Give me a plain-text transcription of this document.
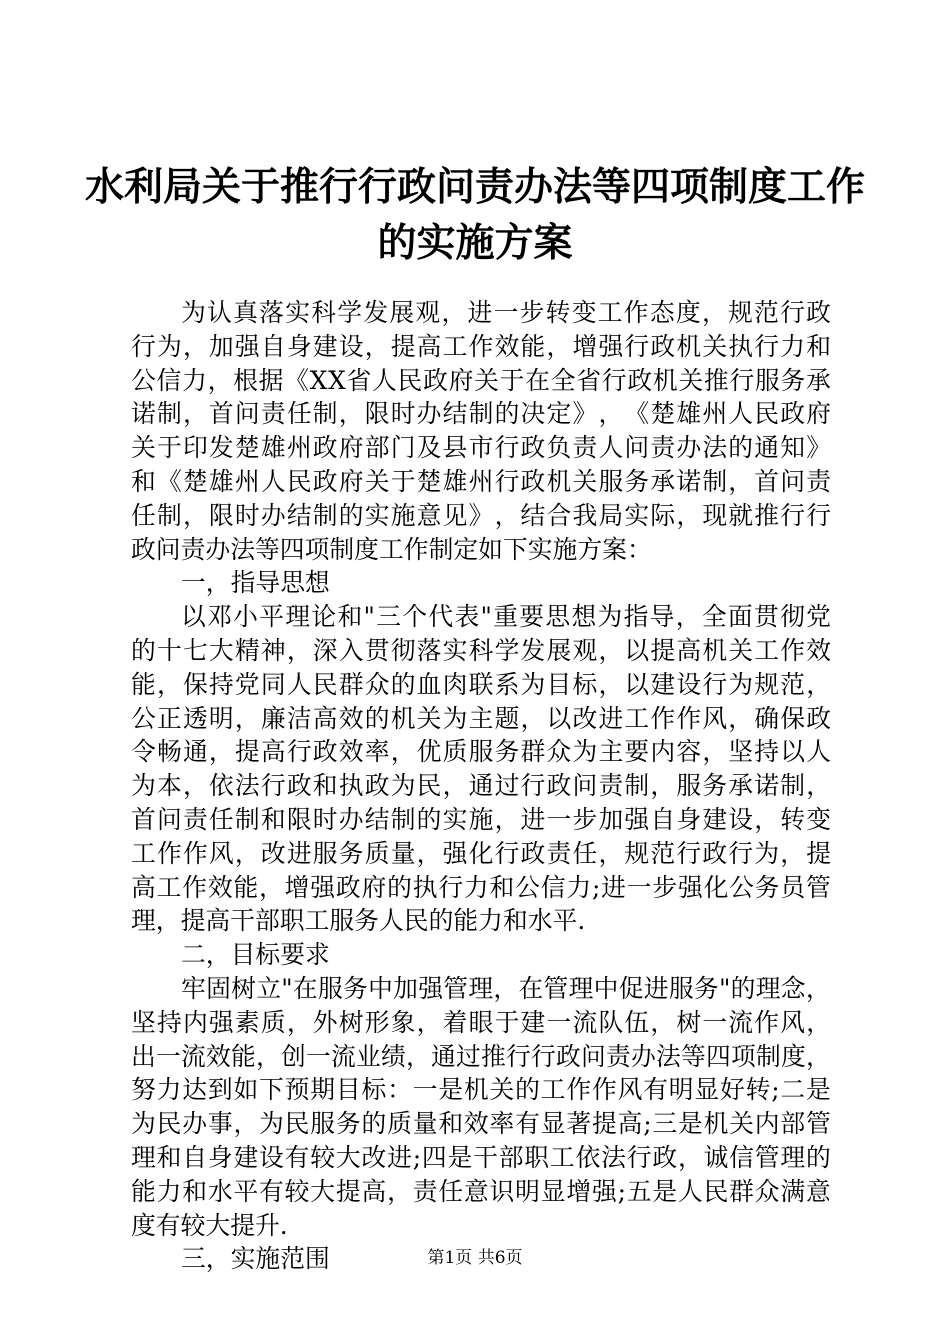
水利局关于推行行政问责办法等四项制度工作
的实施方案
为 认 真 落 实 科 学 发 展 观 ， 进 一 步 转 变 工 作 态 度 ， 规 范 行 政
行 为 ， 加 强 自 身 建 设 ， 提 高 工 作 效 能 ， 增 强 行 政 机 关 执 行 力 和
公 信 力 ， 根 据 《 X X 省 人 民 政 府 关 于 在 全 省 行 政 机 关 推 行 服 务 承
诺 制 ， 首 问 责 任 制 ， 限 时 办 结 制 的 决 定 》 ， 《 楚 雄 州 人 民 政 府
关 于 印 发 楚 雄 州 政 府 部 门 及 县 市 行 政 负 责 人 问 责 办 法 的 通 知 》
和 《 楚 雄 州 人 民 政 府 关 于 楚 雄 州 行 政 机 关 服 务 承 诺 制 ， 首 问 责
任 制 ， 限 时 办 结 制 的 实 施 意 见 》 ， 结 合 我 局 实 际 ， 现 就 推 行 行
政问责办法等四项制度工作制定如下实施方案：
一，指导思想
以 邓 小 平 理 论 和 " 三 个 代 表 " 重 要 思 想 为 指 导 ， 全 面 贯 彻 党
的 十 七 大 精 神 ， 深 入 贯 彻 落 实 科 学 发 展 观 ， 以 提 高 机 关 工 作 效
能 ， 保 持 党 同 人 民 群 众 的 血 肉 联 系 为 目 标 ， 以 建 设 行 为 规 范 ，
公 正 透 明 ， 廉 洁 高 效 的 机 关 为 主 题 ， 以 改 进 工 作 作 风 ， 确 保 政
令 畅 通 ， 提 高 行 政 效 率 ， 优 质 服 务 群 众 为 主 要 内 容 ， 坚 持 以 人
为 本 ， 依 法 行 政 和 执 政 为 民 ， 通 过 行 政 问 责 制 ， 服 务 承 诺 制 ，
首 问 责 任 制 和 限 时 办 结 制 的 实 施 ， 进 一 步 加 强 自 身 建 设 ， 转 变
工 作 作 风 ， 改 进 服 务 质 量 ， 强 化 行 政 责 任 ， 规 范 行 政 行 为 ， 提
高 工 作 效 能 ， 增 强 政 府 的 执 行 力 和 公 信 力 ; 进 一 步 强 化 公 务 员 管
理，提高干部职工服务人民的能力和水平.
二，目标要求
牢 固 树 立 " 在 服 务 中 加 强 管 理 ， 在 管 理 中 促 进 服 务 " 的 理 念 ，
坚 持 内 强 素 质 ， 外 树 形 象 ， 着 眼 于 建 一 流 队 伍 ， 树 一 流 作 风 ，
出 一 流 效 能 ， 创 一 流 业 绩 ， 通 过 推 行 行 政 问 责 办 法 等 四 项 制 度 ，
努 力 达 到 如 下 预 期 目 标 ： 一 是 机 关 的 工 作 作 风 有 明 显 好 转 ; 二 是
为 民 办 事 ， 为 民 服 务 的 质 量 和 效 率 有 显 著 提 高 ; 三 是 机 关 内 部 管
理 和 自 身 建 设 有 较 大 改 进 ; 四 是 干 部 职 工 依 法 行 政 ， 诚 信 管 理 的
能 力 和 水 平 有 较 大 提 高 ， 责 任 意 识 明 显 增 强 ; 五 是 人 民 群 众 满 意
度有较大提升.
三，实施范围	第1页 共6页
